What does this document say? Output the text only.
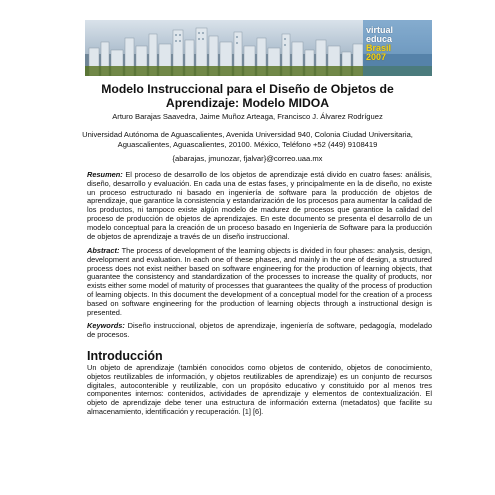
virtual
educa
Brasil
2007
Modelo Instruccional para el Diseño de Objetos de Aprendizaje: Modelo MIDOA
Arturo Barajas Saavedra, Jaime Muñoz Arteaga, Francisco J. Álvarez Rodríguez
Universidad Autónoma de Aguascalientes, Avenida Universidad 940, Colonia Ciudad Universitaria, Aguascalientes, Aguascalientes, 20100. México, Teléfono +52 (449) 9108419
{abarajas, jmunozar, fjalvar}@correo.uaa.mx

Resumen: El proceso de desarrollo de los objetos de aprendizaje está divido en cuatro fases: análisis, diseño, desarrollo y evaluación. En cada una de estas fases, y principalmente en la de diseño, no existe un proceso estructurado ni basado en ingeniería de software para la producción de objetos de aprendizaje, que garantice la consistencia y estandarización de los procesos para aumentar la calidad de los productos, ni tampoco existe algún modelo de madurez de procesos que garantice la calidad del proceso de producción de objetos de aprendizajes. En este documento se presenta el desarrollo de un modelo conceptual para la creación de un proceso basado en Ingeniería de Software para la producción de objetos de aprendizaje a través de un diseño instruccional.

Abstract: The process of development of the learning objects is divided in four phases: analysis, design, development and evaluation. In each one of these phases, and mainly in the one of design, a structured process does not exist neither based on software engineering for the production of learning objects, that guarantee the consistency and standardization of the processes to increase the quality of products, nor exists either some model of maturity of processes that guarantees the quality of the process of production of learning objects. In this document the development of a conceptual model for the creation of a process based on software engineering for the production of learning objects through a instructional design is presented.

Keywords: Diseño instruccional, objetos de aprendizaje, ingeniería de software, pedagogía, modelado de procesos.

Introducción

Un objeto de aprendizaje (también conocidos como objetos de contenido, objetos de conocimiento, objetos reutilizables de información, y objetos reutilizables de aprendizaje) es un conjunto de recursos digitales, autocontenible y reutilizable, con un propósito educativo y constituido por al menos tres componentes internos: contenidos, actividades de aprendizaje y elementos de contextualización. El objeto de aprendizaje debe tener una estructura de información externa (metadatos) que facilite su almacenamiento, identificación y recuperación. [1] [6].
